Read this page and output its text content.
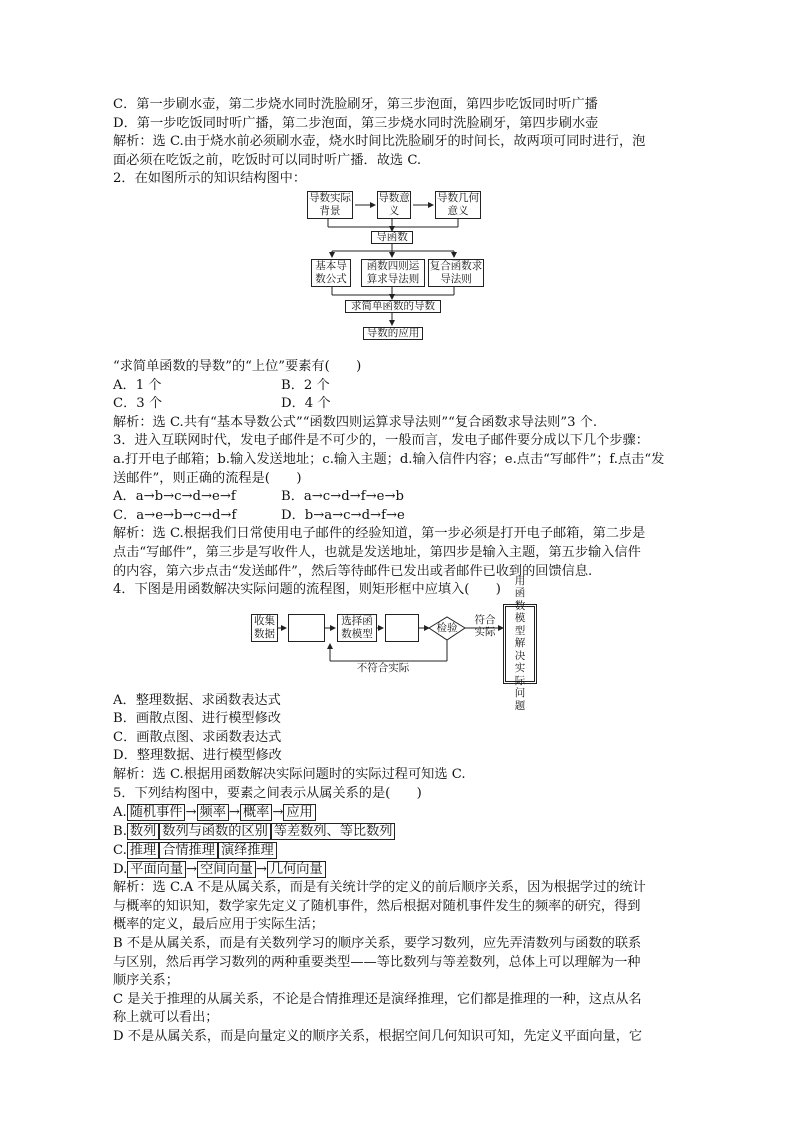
C．第一步刷水壶，第二步烧水同时洗脸刷牙，第三步泡面，第四步吃饭同时听广播
D．第一步吃饭同时听广播，第二步泡面，第三步烧水同时洗脸刷牙，第四步刷水壶
解析：选 C.由于烧水前必须刷水壶，烧水时间比洗脸刷牙的时间长，故两项可同时进行，泡
面必须在吃饭之前，吃饭时可以同时听广播．故选 C.
2．在如图所示的知识结构图中：
导数实际背景
导数意义
导数几何意义
导函数
基本导数公式
函数四则运算求导法则
复合函数求导法则
求简单函数的导数
导数的应用
“求简单函数的导数”的“上位”要素有(　　)
A．1 个	B．2 个
C．3 个	D．4 个
解析：选 C.共有“基本导数公式”“函数四则运算求导法则”“复合函数求导法则”3 个.
3．进入互联网时代，发电子邮件是不可少的，一般而言，发电子邮件要分成以下几个步骤：
a.打开电子邮箱；b.输入发送地址；c.输入主题；d.输入信件内容；e.点击“写邮件”；f.点击“发
送邮件”，则正确的流程是(　　)
A．a→b→c→d→e→f	B．a→c→d→f→e→b
C．a→e→b→c→d→f	D．b→a→c→d→f→e
解析：选 C.根据我们日常使用电子邮件的经验知道，第一步必须是打开电子邮箱，第二步是
点击“写邮件”，第三步是写收件人，也就是发送地址，第四步是输入主题，第五步输入信件
的内容，第六步点击“发送邮件”，然后等待邮件已发出或者邮件已收到的回馈信息.
4．下图是用函数解决实际问题的流程图，则矩形框中应填入(　　)
收集数据
选择函数模型	检验
符合实际
不符合实际
用函数模型解决实际问题
A．整理数据、求函数表达式
B．画散点图、进行模型修改
C．画散点图、求函数表达式
D．整理数据、进行模型修改
解析：选 C.根据用函数解决实际问题时的实际过程可知选 C.
5．下列结构图中，要素之间表示从属关系的是(　　)
A. 随机事件 → 频率 → 概率 → 应用
B. 数列 数列与函数的区别 等差数列、等比数列
C. 推理 合情推理 演绎推理
D. 平面向量 → 空间向量 → 几何向量
解析：选 C.A 不是从属关系，而是有关统计学的定义的前后顺序关系，因为根据学过的统计
与概率的知识知，数学家先定义了随机事件，然后根据对随机事件发生的频率的研究，得到
概率的定义，最后应用于实际生活；
B 不是从属关系，而是有关数列学习的顺序关系，要学习数列，应先弄清数列与函数的联系
与区别，然后再学习数列的两种重要类型——等比数列与等差数列，总体上可以理解为一种
顺序关系；
C 是关于推理的从属关系，不论是合情推理还是演绎推理，它们都是推理的一种，这点从名
称上就可以看出；
D 不是从属关系，而是向量定义的顺序关系，根据空间几何知识可知，先定义平面向量，它
